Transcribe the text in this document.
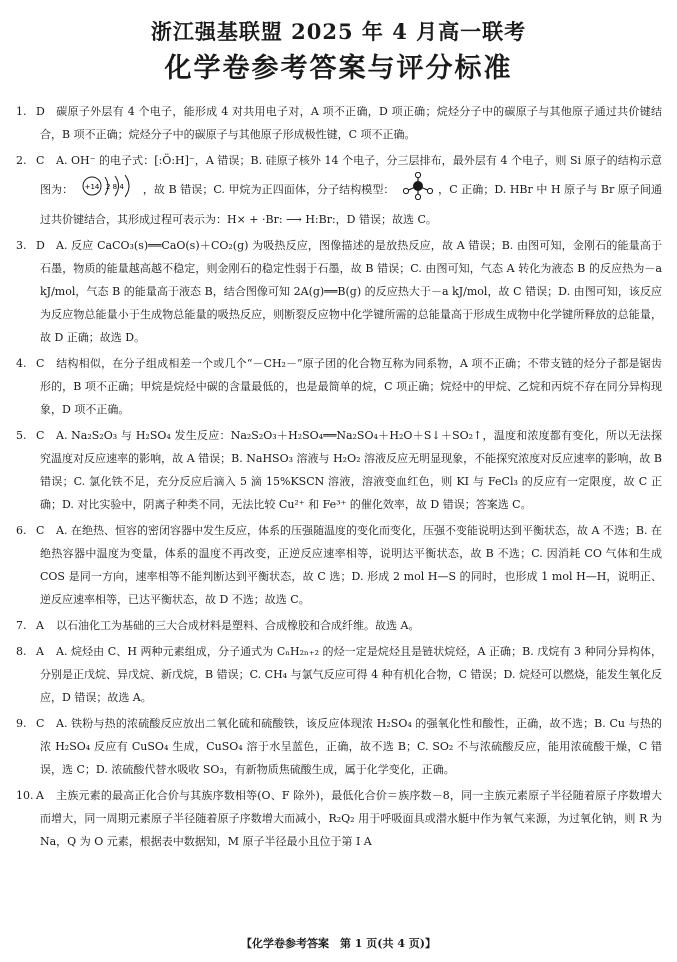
浙江强基联盟 2025 年 4 月高一联考
化学卷参考答案与评分标准
1. D 碳原子外层有 4 个电子，能形成 4 对共用电子对，A 项不正确，D 项正确；烷烃分子中的碳原子与其他原子通过共价键结合，B 项不正确；烷烃分子中的碳原子与其他原子形成极性键，C 项不正确。
2. C A. OH⁻ 的电子式：[:Ö:H]⁻，A 错误；B. 硅原子核外 14 个电子，分三层排布，最外层有 4 个电子，则 Si 原子的结构示意图为： +14 2 8 4 ，故 B 错误；C. 甲烷为正四面体，分子结构模型：	，C 正确；D. HBr 中 H 原子与 Br 原子间通过共价键结合，其形成过程可表示为：H× + ·Br: ⟶ H:Br:，D 错误；故选 C。
3. D A. 反应 CaCO₃(s)══CaO(s)＋CO₂(g) 为吸热反应，图像描述的是放热反应，故 A 错误；B. 由图可知，金刚石的能量高于石墨，物质的能量越高越不稳定，则金刚石的稳定性弱于石墨，故 B 错误；C. 由图可知，气态 A 转化为液态 B 的反应热为－a kJ/mol，气态 B 的能量高于液态 B，结合图像可知 2A(g)══B(g) 的反应热大于－a kJ/mol，故 C 错误；D. 由图可知，该反应为反应物总能量小于生成物总能量的吸热反应，则断裂反应物中化学键所需的总能量高于形成生成物中化学键所释放的总能量，故 D 正确；故选 D。
4. C 结构相似，在分子组成相差一个或几个“－CH₂－”原子团的化合物互称为同系物，A 项不正确；不带支链的烃分子都是锯齿形的，B 项不正确；甲烷是烷烃中碳的含量最低的，也是最简单的烷，C 项正确；烷烃中的甲烷、乙烷和丙烷不存在同分异构现象，D 项不正确。
5. C A. Na₂S₂O₃ 与 H₂SO₄ 发生反应：Na₂S₂O₃＋H₂SO₄══Na₂SO₄＋H₂O＋S↓＋SO₂↑，温度和浓度都有变化，所以无法探究温度对反应速率的影响，故 A 错误；B. NaHSO₃ 溶液与 H₂O₂ 溶液反应无明显现象，不能探究浓度对反应速率的影响，故 B 错误；C. 氯化铁不足，充分反应后滴入 5 滴 15%KSCN 溶液，溶液变血红色，则 KI 与 FeCl₃ 的反应有一定限度，故 C 正确；D. 对比实验中，阴离子种类不同，无法比较 Cu²⁺ 和 Fe³⁺ 的催化效率，故 D 错误；答案选 C。
6. C A. 在绝热、恒容的密闭容器中发生反应，体系的压强随温度的变化而变化，压强不变能说明达到平衡状态，故 A 不选；B. 在绝热容器中温度为变量，体系的温度不再改变，正逆反应速率相等，说明达平衡状态，故 B 不选；C. 因消耗 CO 气体和生成 COS 是同一方向，速率相等不能判断达到平衡状态，故 C 选；D. 形成 2 mol H—S 的同时，也形成 1 mol H—H，说明正、逆反应速率相等，已达平衡状态，故 D 不选；故选 C。
7. A 以石油化工为基础的三大合成材料是塑料、合成橡胶和合成纤维。故选 A。
8. A A. 烷烃由 C、H 两种元素组成，分子通式为 CₙH₂ₙ₊₂ 的烃一定是烷烃且是链状烷烃，A 正确；B. 戊烷有 3 种同分异构体，分别是正戊烷、异戊烷、新戊烷，B 错误；C. CH₄ 与氯气反应可得 4 种有机化合物，C 错误；D. 烷烃可以燃烧，能发生氧化反应，D 错误；故选 A。
9. C A. 铁粉与热的浓硫酸反应放出二氧化硫和硫酸铁，该反应体现浓 H₂SO₄ 的强氧化性和酸性，正确，故不选；B. Cu 与热的浓 H₂SO₄ 反应有 CuSO₄ 生成，CuSO₄ 溶于水呈蓝色，正确，故不选 B；C. SO₂ 不与浓硫酸反应，能用浓硫酸干燥，C 错误，选 C；D. 浓硫酸代替水吸收 SO₃，有新物质焦硫酸生成，属于化学变化，正确。
10. A 主族元素的最高正化合价与其族序数相等(O、F 除外)，最低化合价＝族序数－8，同一主族元素原子半径随着原子序数增大而增大，同一周期元素原子半径随着原子序数增大而减小，R₂Q₂ 用于呼吸面具或潜水艇中作为氧气来源，为过氧化钠，则 R 为 Na，Q 为 O 元素，根据表中数据知，M 原子半径最小且位于第 I A
【化学卷参考答案　第 1 页(共 4 页)】
